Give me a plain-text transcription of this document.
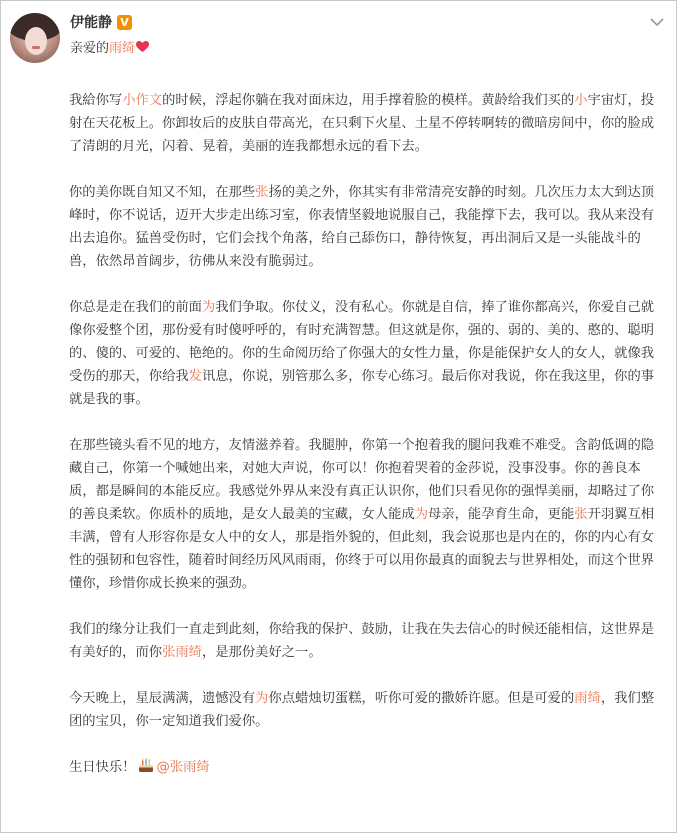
伊能静 V
亲爱的雨绮

我給你写小作文的时候，浮起你躺在我对面床边，用手撑着脸的模样。黄龄给我们买的小宇宙灯，投射在天花板上。你卸妆后的皮肤自带高光，在只剩下火星、土星不停转啊转的微暗房间中，你的脸成了清朗的月光，闪着、晃着，美丽的连我都想永远的看下去。

你的美你既自知又不知，在那些张扬的美之外，你其实有非常清亮安静的时刻。几次压力太大到达顶峰时，你不说话，迈开大步走出练习室，你表情坚毅地说服自己，我能撑下去，我可以。我从来没有出去追你。猛兽受伤时，它们会找个角落，给自己舔伤口，静待恢复，再出洞后又是一头能战斗的兽，依然昂首阔步，彷佛从来没有脆弱过。

你总是走在我们的前面为我们争取。你仗义，没有私心。你就是自信，捧了谁你都高兴，你爱自己就像你爱整个团，那份爱有时傻呼呼的，有时充满智慧。但这就是你，强的、弱的、美的、憨的、聪明的、傻的、可爱的、艳绝的。你的生命阅历给了你强大的女性力量，你是能保护女人的女人，就像我受伤的那天，你给我发讯息，你说，别管那么多，你专心练习。最后你对我说，你在我这里，你的事就是我的事。

在那些镜头看不见的地方，友情滋养着。我腿肿，你第一个抱着我的腿问我难不难受。含韵低调的隐藏自己，你第一个喊她出来，对她大声说，你可以！你抱着哭着的金莎说，没事没事。你的善良本质，都是瞬间的本能反应。我感觉外界从来没有真正认识你，他们只看见你的强悍美丽，却略过了你的善良柔软。你质朴的质地，是女人最美的宝藏，女人能成为母亲，能孕育生命，更能张开羽翼互相丰满，曾有人形容你是女人中的女人，那是指外貌的，但此刻，我会说那也是内在的，你的内心有女性的强韧和包容性，随着时间经历风风雨雨，你终于可以用你最真的面貌去与世界相处，而这个世界懂你，珍惜你成长换来的强劲。

我们的缘分让我们一直走到此刻，你给我的保护、鼓励，让我在失去信心的时候还能相信，这世界是有美好的，而你张雨绮，是那份美好之一。

今天晚上，星辰满满，遗憾没有为你点蜡烛切蛋糕，听你可爱的撒娇许愿。但是可爱的雨绮，我们整团的宝贝，你一定知道我们爱你。

生日快乐！ @张雨绮
